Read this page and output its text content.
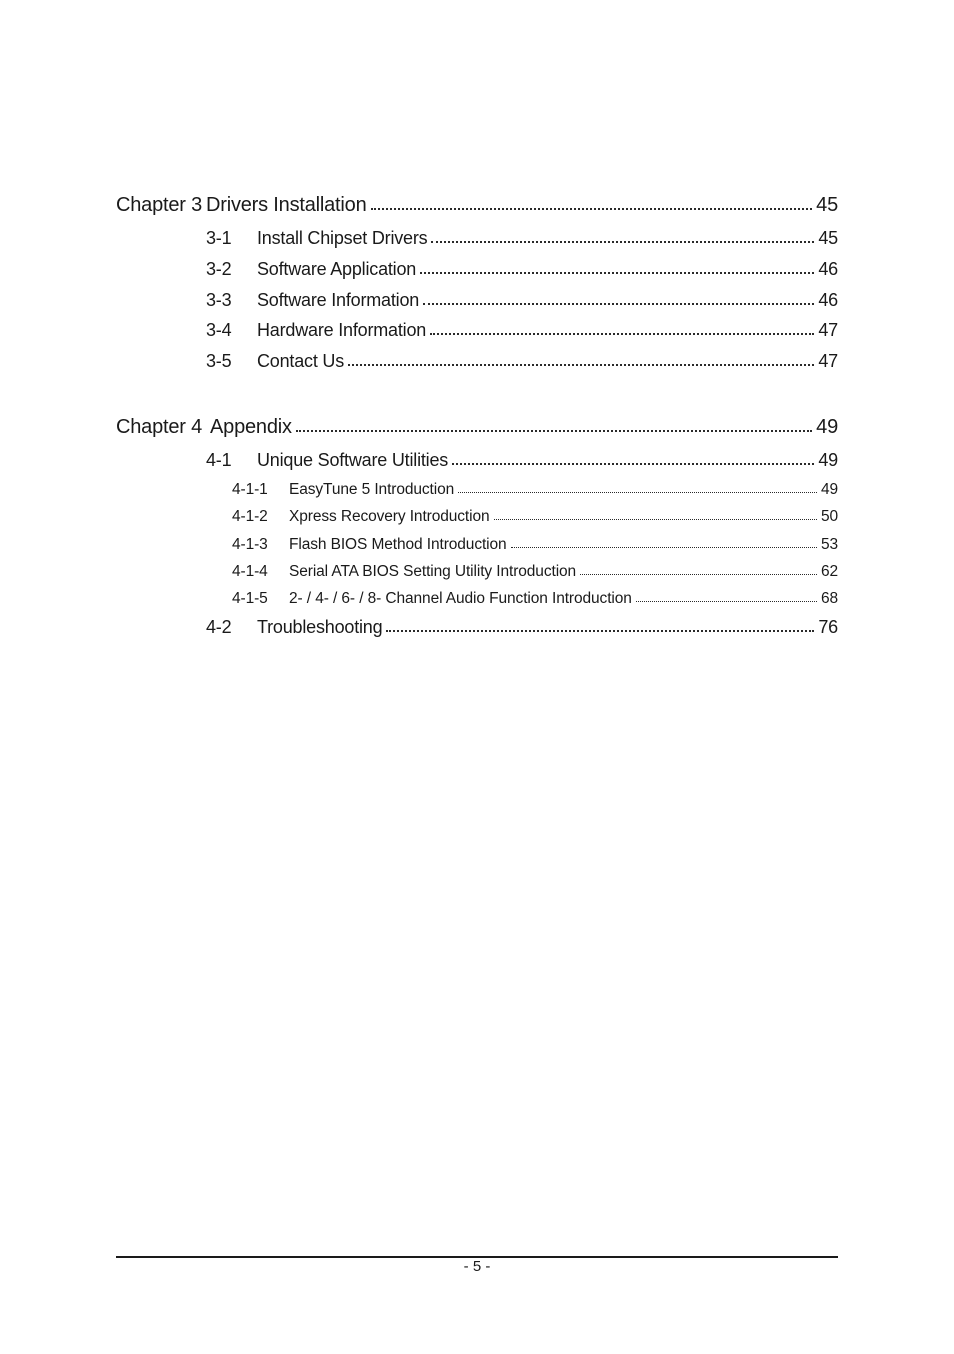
Chapter 3 Drivers Installation	45
3-1	Install Chipset Drivers	45
3-2	Software Application	46
3-3	Software Information	46
3-4	Hardware Information	47
3-5	Contact Us	47
Chapter 4 Appendix	49
4-1	Unique Software Utilities	49
4-1-1	EasyTune 5 Introduction	49
4-1-2	Xpress Recovery Introduction	50
4-1-3	Flash BIOS Method Introduction	53
4-1-4	Serial ATA BIOS Setting Utility Introduction	62
4-1-5	2- / 4- / 6- / 8- Channel Audio Function Introduction	68
4-2	Troubleshooting	76
- 5 -
